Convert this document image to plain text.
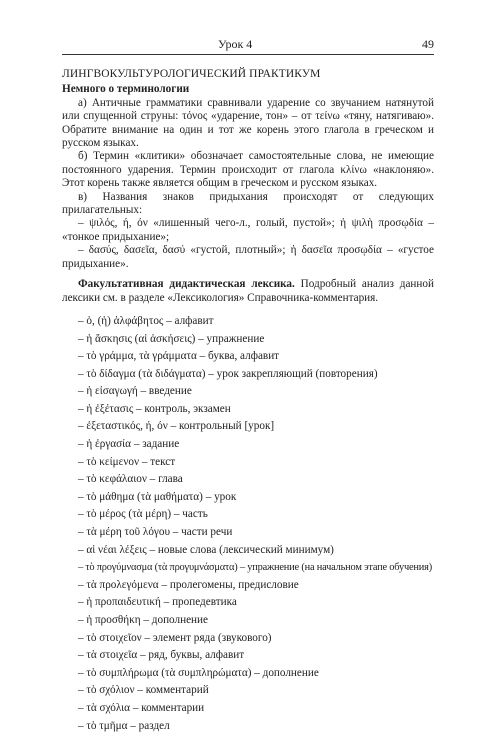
Урок 4	49
ЛИНГВОКУЛЬТУРОЛОГИЧЕСКИЙ ПРАКТИКУМ
Немного о терминологии

а) Античные грамматики сравнивали ударение со звучанием натянутой или спущенной струны: τόνος «ударение, тон» – от τείνω «тяну, натягиваю». Обратите внимание на один и тот же корень этого глагола в греческом и русском языках.

б) Термин «клитики» обозначает самостоятельные слова, не имеющие постоянного ударения. Термин происходит от глагола κλίνω «наклоняю». Этот корень также является общим в греческом и русском языках.

в) Названия знаков придыхания происходят от следующих прилагательных:

– ψιλός, ή, όν «лишенный чего-л., голый, пустой»; ἡ ψιλὴ προσῳδία – «тонкое придыхание»;

– δασύς, δασεῖα, δασύ «густой, плотный»; ἡ δασεῖα προσῳδία – «густое придыхание».

Факультативная дидактическая лексика. Подробный анализ данной лексики см. в разделе «Лексикология» Справочника-комментария.

– ὁ, (ἡ) ἀλφάβητος – алфавит
– ἡ ἄσκησις (αἱ ἀσκήσεις) – упражнение
– τὸ γράμμα, τὰ γράμματα – буква, алфавит
– τὸ δίδαγμα (τὰ διδάγματα) – урок закрепляющий (повторения)
– ἡ εἰσαγωγή – введение
– ἡ ἐξέτασις – контроль, экзамен
– ἐξεταστικός, ή, όν – контрольный [урок]
– ἡ ἐργασία – задание
– τὸ κείμενον – текст
– τὸ κεφάλαιον – глава
– τὸ μάθημα (τὰ μαθήματα) – урок
– τὸ μέρος (τὰ μέρη) – часть
– τὰ μέρη τοῦ λόγου – части речи
– αἱ νέαι λέξεις – новые слова (лексический минимум)
– τὸ προγύμνασμα (τὰ προγυμνάσματα) – упражнение (на начальном этапе обучения)
– τὰ προλεγόμενα – пролегомены, предисловие
– ἡ προπαιδευτική – пропедевтика
– ἡ προσθήκη – дополнение
– τὸ στοιχεῖον – элемент ряда (звукового)
– τὰ στοιχεῖα – ряд, буквы, алфавит
– τὸ συμπλήρωμα (τὰ συμπληρώματα) – дополнение
– τὸ σχόλιον – комментарий
– τὰ σχόλια – комментарии
– τὸ τμῆμα – раздел
